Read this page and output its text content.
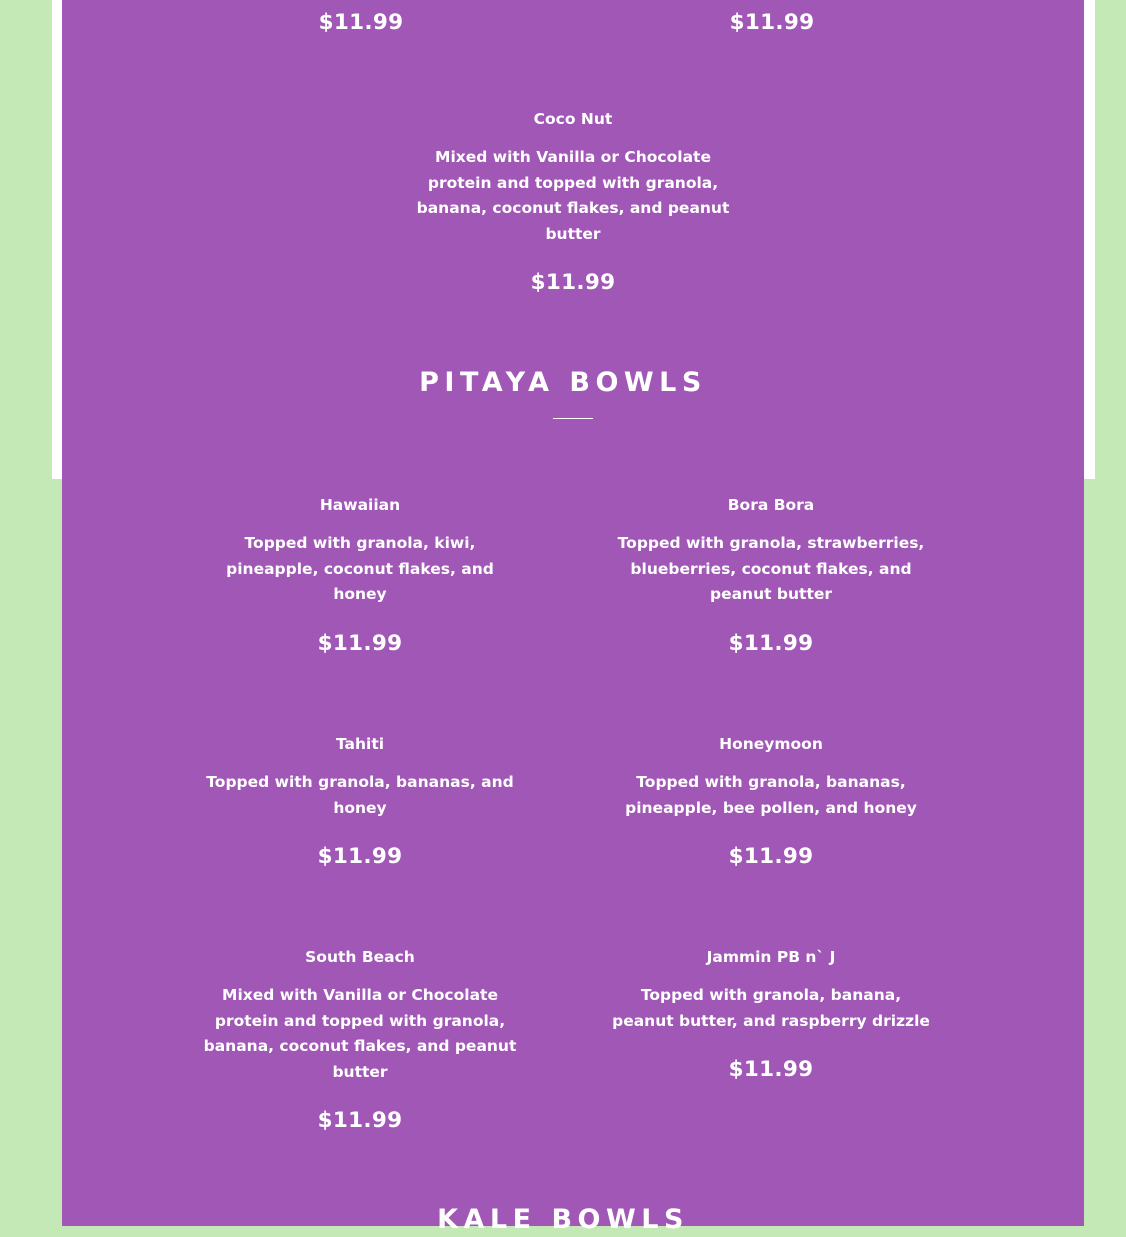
$11.99	$11.99
Coco Nut
Mixed with Vanilla or Chocolate protein and topped with granola, banana, coconut flakes, and peanut butter
$11.99
PITAYA BOWLS
Hawaiian
Topped with granola, kiwi, pineapple, coconut flakes, and honey
$11.99
Bora Bora
Topped with granola, strawberries, blueberries, coconut flakes, and peanut butter
$11.99
Tahiti
Topped with granola, bananas, and honey
$11.99
Honeymoon
Topped with granola, bananas, pineapple, bee pollen, and honey
$11.99
South Beach
Mixed with Vanilla or Chocolate protein and topped with granola, banana, coconut flakes, and peanut butter
$11.99
Jammin PB n` J
Topped with granola, banana, peanut butter, and raspberry drizzle
$11.99
KALE BOWLS
